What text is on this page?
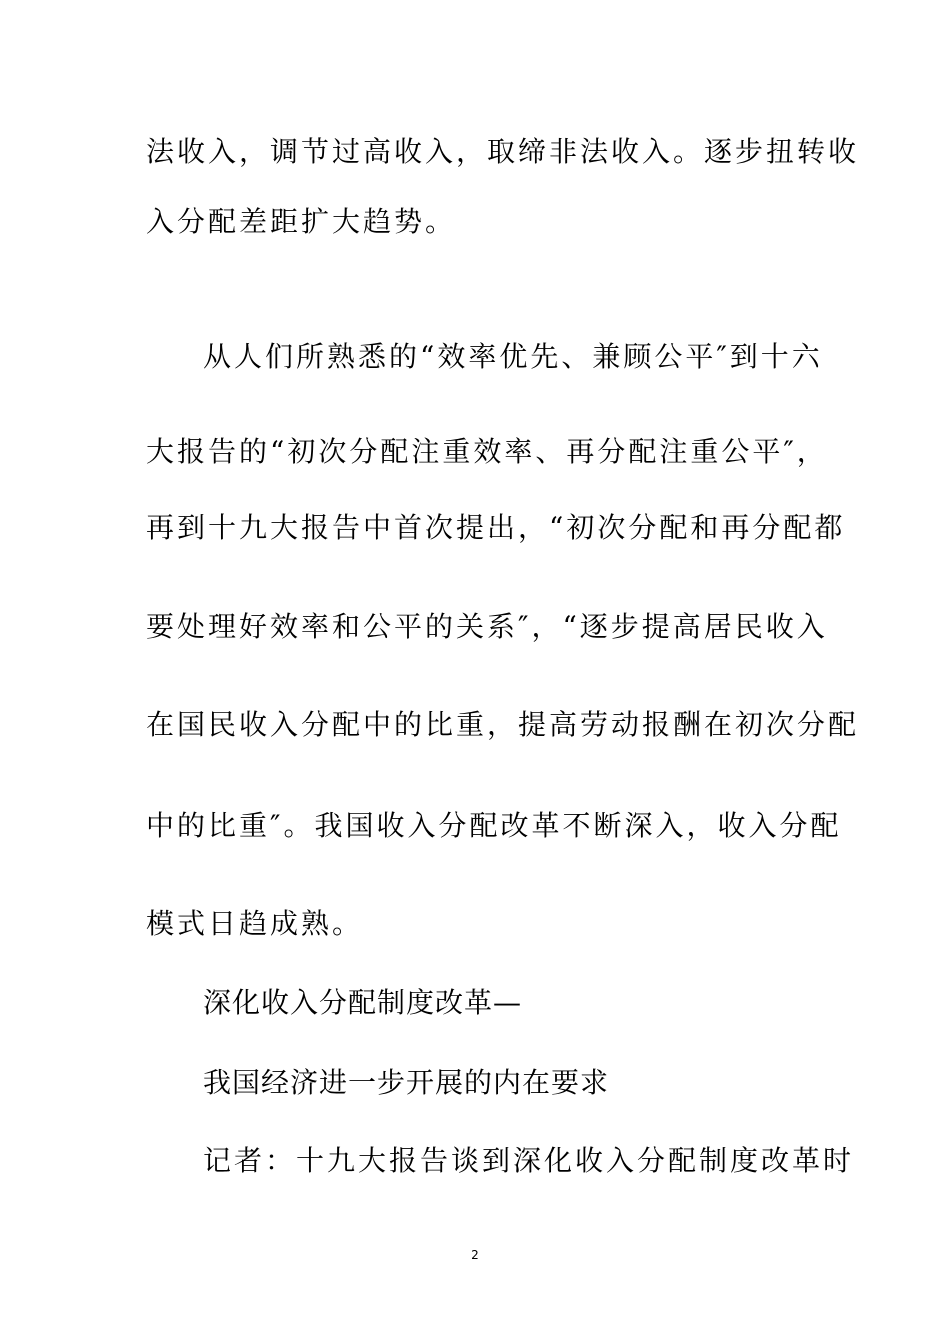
法收入，调节过高收入，取缔非法收入。逐步扭转收
入分配差距扩大趋势。
从人们所熟悉的“效率优先、兼顾公平″到十六
大报告的“初次分配注重效率、再分配注重公平″，
再到十九大报告中首次提出，“初次分配和再分配都
要处理好效率和公平的关系″，“逐步提高居民收入
在国民收入分配中的比重，提高劳动报酬在初次分配
中的比重″。我国收入分配改革不断深入，收入分配
模式日趋成熟。
深化收入分配制度改革—
我国经济进一步开展的内在要求
记者：十九大报告谈到深化收入分配制度改革时
2
